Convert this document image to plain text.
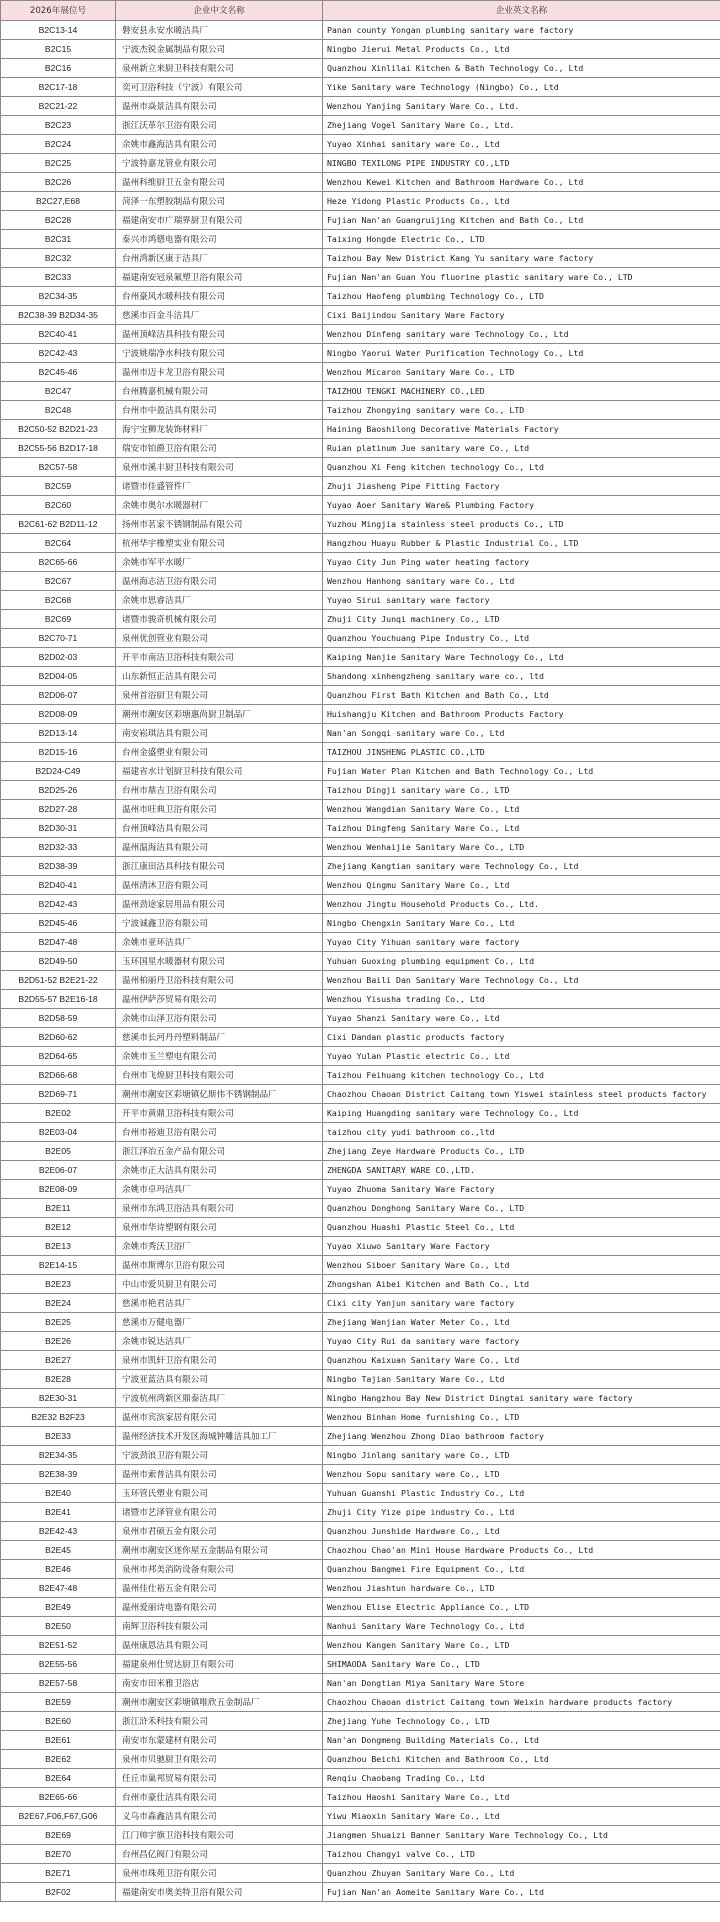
2026年展位号	企业中文名称	企业英文名称
B2C13-14	磐安县永安水暖洁具厂	Panan county Yongan plumbing sanitary ware factory
B2C15	宁波杰锐金属制品有限公司	Ningbo Jierui Metal Products Co., Ltd
B2C16	泉州新立来厨卫科技有限公司	Quanzhou Xinlilai Kitchen & Bath Technology Co., Ltd
B2C17-18	奕可卫浴科技（宁波）有限公司	Yike Sanitary ware Technology (Ningbo) Co., Ltd
B2C21-22	温州市焱景洁具有限公司	Wenzhou Yanjing Sanitary Ware Co., Ltd.
B2C23	浙江沃革尔卫浴有限公司	Zhejiang Vogel Sanitary Ware Co., Ltd.
B2C24	余姚市鑫海洁具有限公司	Yuyao Xinhai sanitary ware Co., Ltd
B2C25	宁波特嘉龙管业有限公司	NINGBO TEXILONG PIPE INDUSTRY CO.,LTD
B2C26	温州科维厨卫五金有限公司	Wenzhou Kewei Kitchen and Bathroom Hardware Co., Ltd
B2C27,E68	菏泽一东塑胶制品有限公司	Heze Yidong Plastic Products Co., Ltd
B2C28	福建南安市广瑞界厨卫有限公司	Fujian Nan'an Guangruijing Kitchen and Bath Co., Ltd
B2C31	泰兴市鸿德电器有限公司	Taixing Hongde Electric Co., LTD
B2C32	台州湾新区康于洁具厂	Taizhou Bay New District Kang Yu sanitary ware factory
B2C33	福建南安冠泉氟塑卫浴有限公司	Fujian Nan'an Guan You fluorine plastic sanitary ware Co., LTD
B2C34-35	台州豪风水暖科技有限公司	Taizhou Haofeng plumbing Technology Co., LTD
B2C38-39 B2D34-35	慈溪市百金斗洁具厂	Cixi Baijindou Sanitary Ware Factory
B2C40-41	温州顶峰洁具科技有限公司	Wenzhou Dinfeng sanitary ware Technology Co., Ltd
B2C42-43	宁波姚瑞净水科技有限公司	Ningbo Yaorui Water Purification Technology Co., Ltd
B2C45-46	温州市迈卡龙卫浴有限公司	Wenzhou Micaron Sanitary Ware Co., LTD
B2C47	台州腾嘉机械有限公司	TAIZHOU TENGKI MACHINERY CO.,LED
B2C48	台州市中盈洁具有限公司	Taizhou Zhongying sanitary ware Co., LTD
B2C50-52 B2D21-23	海宁宝狮龙装饰材料厂	Haining Baoshilong Decorative Materials Factory
B2C55-56 B2D17-18	瑞安市铂爵卫浴有限公司	Ruian platinum Jue sanitary ware Co., Ltd
B2C57-58	泉州市溪丰厨卫科技有限公司	Quanzhou Xi Feng kitchen technology Co., Ltd
B2C59	诸暨市佳盛管件厂	Zhuji Jiasheng Pipe Fitting Factory
B2C60	余姚市奥尔水暖器材厂	Yuyao Aoer Sanitary Ware& Plumbing Factory
B2C61-62 B2D11-12	扬州市茗家不锈钢制品有限公司	Yuzhou Mingjia stainless steel products Co., LTD
B2C64	杭州华宇橡塑实业有限公司	Hangzhou Huayu Rubber & Plastic Industrial Co., LTD
B2C65-66	余姚市军平水暖厂	Yuyao City Jun Ping water heating factory
B2C67	温州海志洁卫浴有限公司	Wenzhou Hanhong sanitary ware Co., Ltd
B2C68	余姚市思睿洁具厂	Yuyao Sirui sanitary ware factory
B2C69	诸暨市骏奇机械有限公司	Zhuji City Junqi machinery Co., LTD
B2C70-71	泉州优创管业有限公司	Quanzhou Youchuang Pipe Industry Co., Ltd
B2D02-03	开平市南洁卫浴科技有限公司	Kaiping Nanjie Sanitary Ware Technology Co., Ltd
B2D04-05	山东新恒正洁具有限公司	Shandong xinhengzheng sanitary ware co., ltd
B2D06-07	泉州首浴厨卫有限公司	Quanzhou First Bath Kitchen and Bath Co., Ltd
B2D08-09	潮州市潮安区彩塘惠尚厨卫制品厂	Huishangju Kitchen and Bathroom Products Factory
B2D13-14	南安崧琪洁具有限公司	Nan'an Songqi sanitary ware Co., Ltd
B2D15-16	台州金盛塑业有限公司	TAIZHOU JINSHENG PLASTIC CO.,LTD
B2D24-C49	福建省水计划厨卫科技有限公司	Fujian Water Plan Kitchen and Bath Technology Co., Ltd
B2D25-26	台州市鼎吉卫浴有限公司	Taizhou Dingji sanitary ware Co., LTD
B2D27-28	温州市旺典卫浴有限公司	Wenzhou Wangdian Sanitary Ware Co., Ltd
B2D30-31	台州顶峰洁具有限公司	Taizhou Dingfeng Sanitary Ware Co., Ltd
B2D32-33	温州温海洁具有限公司	Wenzhou Wenhaijie Sanitary Ware Co., LTD
B2D38-39	浙江康田洁具科技有限公司	Zhejiang Kangtian sanitary ware Technology Co., Ltd
B2D40-41	温州清沐卫浴有限公司	Wenzhou Qingmu Sanitary Ware Co., Ltd
B2D42-43	温州劲途家居用品有限公司	Wenzhou Jingtu Household Products Co., Ltd.
B2D45-46	宁波诚鑫卫浴有限公司	Ningbo Chengxin Sanitary Ware Co., Ltd
B2D47-48	余姚市亚环洁具厂	Yuyao City Yihuan sanitary ware factory
B2D49-50	玉环国星水暖器材有限公司	Yuhuan Guoxing plumbing equipment Co., Ltd
B2D51-52 B2E21-22	温州柏丽丹卫浴科技有限公司	Wenzhou Baili Dan Sanitary Ware Technology Co., Ltd
B2D55-57 B2E16-18	温州伊萨莎贸易有限公司	Wenzhou Yisusha trading Co., Ltd
B2D58-59	余姚市山泽卫浴有限公司	Yuyao Shanzi Sanitary ware Co., Ltd
B2D60-62	慈溪市长河丹丹塑料制品厂	Cixi Dandan plastic products factory
B2D64-65	余姚市玉兰塑电有限公司	Yuyao Yulan Plastic electric Co., Ltd
B2D66-68	台州市飞煌厨卫科技有限公司	Taizhou Feihuang kitchen technology Co., Ltd
B2D69-71	潮州市潮安区彩塘镇亿斯伟不锈钢制品厂	Chaozhou Chaoan District Caitang town Yiswei stainless steel products factory
B2E02	开平市黄鼎卫浴科技有限公司	Kaiping Huangding sanitary ware Technology Co., Ltd
B2E03-04	台州市裕迪卫浴有限公司	taizhou city yudi bathroom co.,ltd
B2E05	浙江泽冶五金产品有限公司	Zhejiang Zeye Hardware Products Co., LTD
B2E06-07	余姚市正大洁具有限公司	ZHENGDA SANITARY WARE CO.,LTD.
B2E08-09	余姚市卓玛洁具厂	Yuyao Zhuoma Sanitary Ware Factory
B2E11	泉州市东鸿卫浴洁具有限公司	Quanzhou Donghong Sanitary Ware Co., LTD
B2E12	泉州市华诗塑钢有限公司	Quanzhou Huashi Plastic Steel Co., Ltd
B2E13	余姚市秀沃卫浴厂	Yuyao Xiuwo Sanitary Ware Factory
B2E14-15	温州市斯博尔卫浴有限公司	Wenzhou Siboer Sanitary Ware Co., Ltd
B2E23	中山市爱贝厨卫有限公司	Zhongshan Aibei Kitchen and Bath Co., Ltd
B2E24	慈溪市艳君洁具厂	Cixi city Yanjun sanitary ware factory
B2E25	慈溪市万健电器厂	Zhejiang Wanjian Water Meter Co., Ltd
B2E26	余姚市锐达洁具厂	Yuyao City Rui da sanitary ware factory
B2E27	泉州市凯轩卫浴有限公司	Quanzhou Kaixuan Sanitary Ware Co., Ltd
B2E28	宁波亚蓝洁具有限公司	Ningbo Tajian Sanitary Ware Co., Ltd
B2E30-31	宁波杭州湾新区鼎泰洁具厂	Ningbo Hangzhou Bay New District Dingtai sanitary ware factory
B2E32 B2F23	温州市宾滨家居有限公司	Wenzhou Binhan Home furnishing Co., LTD
B2E33	温州经济技术开发区海城钟雕洁具加工厂	Zhejiang Wenzhou Zhong Diao bathroom factory
B2E34-35	宁波劲浪卫浴有限公司	Ningbo Jinlang sanitary ware Co., LTD
B2E38-39	温州市索普洁具有限公司	Wenzhou Sopu sanitary ware Co., LTD
B2E40	玉环管氏塑业有限公司	Yuhuan Guanshi Plastic Industry Co., Ltd
B2E41	诸暨市艺泽管业有限公司	Zhuji City Yize pipe industry Co., Ltd
B2E42-43	泉州市君硕五金有限公司	Quanzhou Junshide Hardware Co., Ltd
B2E45	潮州市潮安区迷你屋五金制品有限公司	Chaozhou Chao'an Mini House Hardware Products Co., Ltd
B2E46	泉州市邦美消防设备有限公司	Quanzhou Bangmei Fire Equipment Co., Ltd
B2E47-48	温州佳仕裕五金有限公司	Wenzhou Jiashtun hardware Co., LTD
B2E49	温州爱丽诗电器有限公司	Wenzhou Elise Electric Appliance Co., LTD
B2E50	南辉卫浴科技有限公司	Nanhui Sanitary Ware Technology Co., Ltd
B2E51-52	温州康恩洁具有限公司	Wenzhou Kangen Sanitary Ware Co., LTD
B2E55-56	福建泉州仕贸达厨卫有限公司	SHIMAODA Sanitary Ware Co., LTD
B2E57-58	南安市田米雅卫浴店	Nan'an Dongtian Miya Sanitary Ware Store
B2E59	潮州市潮安区彩塘镇唯欣五金制品厂	Chaozhou Chaoan district Caitang town Weixin hardware products factory
B2E60	浙江浒禾科技有限公司	Zhejiang Yuhe Technology Co., LTD
B2E61	南安市东蒙建材有限公司	Nan'an Dongmeng Building Materials Co., Ltd
B2E62	泉州市贝驰厨卫有限公司	Quanzhou Beichi Kitchen and Bathroom Co., Ltd
B2E64	任丘市巢邦贸易有限公司	Renqiu Chaobang Trading Co., Ltd
B2E65-66	台州市豪仕洁具有限公司	Taizhou Haoshi Sanitary Ware Co., Ltd
B2E67,F06,F67,G06	义乌市森鑫洁具有限公司	Yiwu Miaoxin Sanitary Ware Co., Ltd
B2E69	江门帅宇旗卫浴科技有限公司	Jiangmen Shuaizi Banner Sanitary Ware Technology Co., Ltd
B2E70	台州昌亿阀门有限公司	Taizhou Changyi valve Co., LTD
B2E71	泉州市珠苑卫浴有限公司	Quanzhou Zhuyan Sanitary Ware Co., Ltd
B2F02	福建南安市奥美特卫浴有限公司	Fujian Nan'an Aomeite Sanitary Ware Co., Ltd
